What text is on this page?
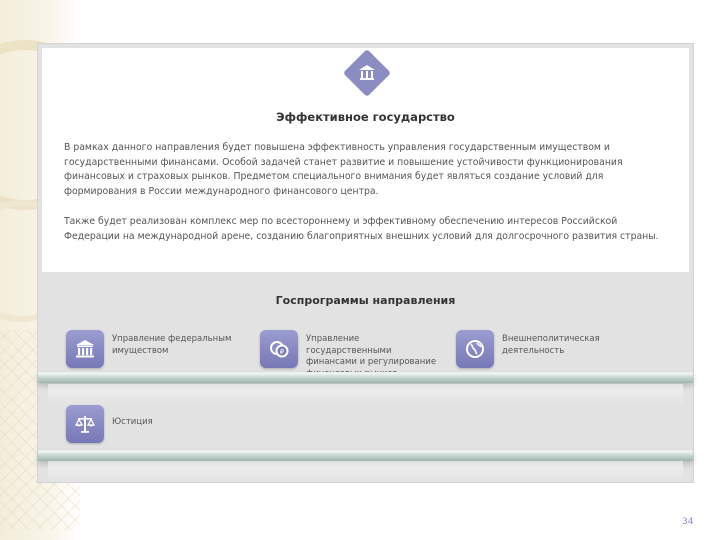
Эффективное государство
В рамках данного направления будет повышена эффективность управления государственным имуществом и государственными финансами. Особой задачей станет развитие и повышение устойчивости функционирования финансовых и страховых рынков. Предметом специального внимания будет являться создание условий для формирования в России международного финансового центра.
Также будет реализован комплекс мер по всестороннему и эффективному обеспечению интересов Российской Федерации на международной арене, созданию благоприятных внешних условий для долгосрочного развития страны.
Госпрограммы направления
Управление федеральным имуществом	₽
Управление государственными финансами и регулирование
Внешнеполитическая деятельность
Юстиция
34
